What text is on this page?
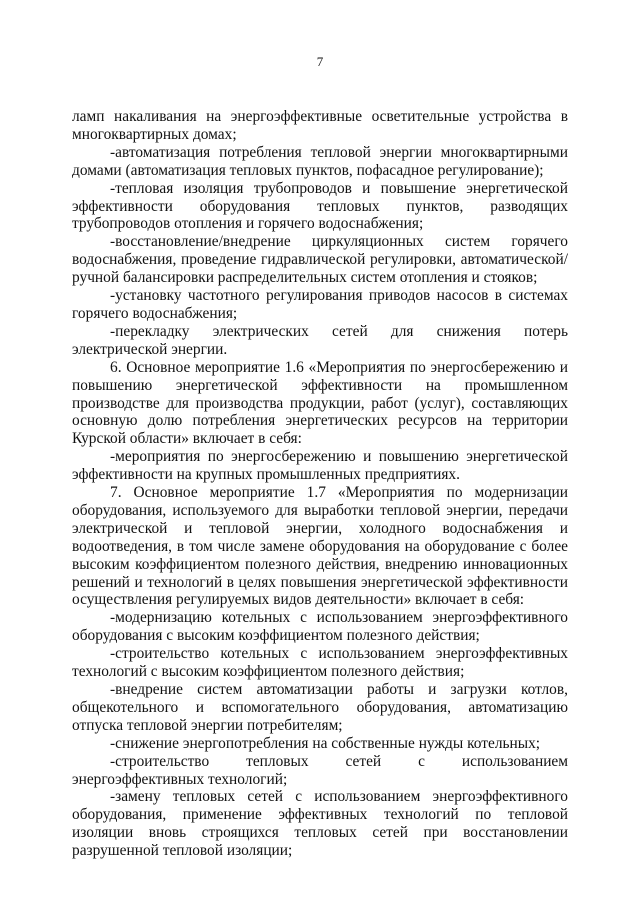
7

ламп накаливания на энергоэффективные осветительные устройства в многоквартирных домах;

-автоматизация потребления тепловой энергии многоквартирными домами (автоматизация тепловых пунктов, пофасадное регулирование);

-тепловая изоляция трубопроводов и повышение энергетической эффективности оборудования тепловых пунктов, разводящих трубопроводов отопления и горячего водоснабжения;

-восстановление/внедрение циркуляционных систем горячего водоснабжения, проведение гидравлической регулировки, автоматической/ручной балансировки распределительных систем отопления и стояков;

-установку частотного регулирования приводов насосов в системах горячего водоснабжения;

-перекладку электрических сетей для снижения потерь электрической энергии.

6. Основное мероприятие 1.6 «Мероприятия по энергосбережению и повышению энергетической эффективности на промышленном производстве для производства продукции, работ (услуг), составляющих основную долю потребления энергетических ресурсов на территории Курской области» включает в себя:

-мероприятия по энергосбережению и повышению энергетической эффективности на крупных промышленных предприятиях.

7. Основное мероприятие 1.7 «Мероприятия по модернизации оборудования, используемого для выработки тепловой энергии, передачи электрической и тепловой энергии, холодного водоснабжения и водоотведения, в том числе замене оборудования на оборудование с более высоким коэффициентом полезного действия, внедрению инновационных решений и технологий в целях повышения энергетической эффективности осуществления регулируемых видов деятельности» включает в себя:

-модернизацию котельных с использованием энергоэффективного оборудования с высоким коэффициентом полезного действия;

-строительство котельных с использованием энергоэффективных технологий с высоким коэффициентом полезного действия;

-внедрение систем автоматизации работы и загрузки котлов, общекотельного и вспомогательного оборудования, автоматизацию отпуска тепловой энергии потребителям;

-снижение энергопотребления на собственные нужды котельных;

-строительство тепловых сетей с использованием энергоэффективных технологий;

-замену тепловых сетей с использованием энергоэффективного оборудования, применение эффективных технологий по тепловой изоляции вновь строящихся тепловых сетей при восстановлении разрушенной тепловой изоляции;
